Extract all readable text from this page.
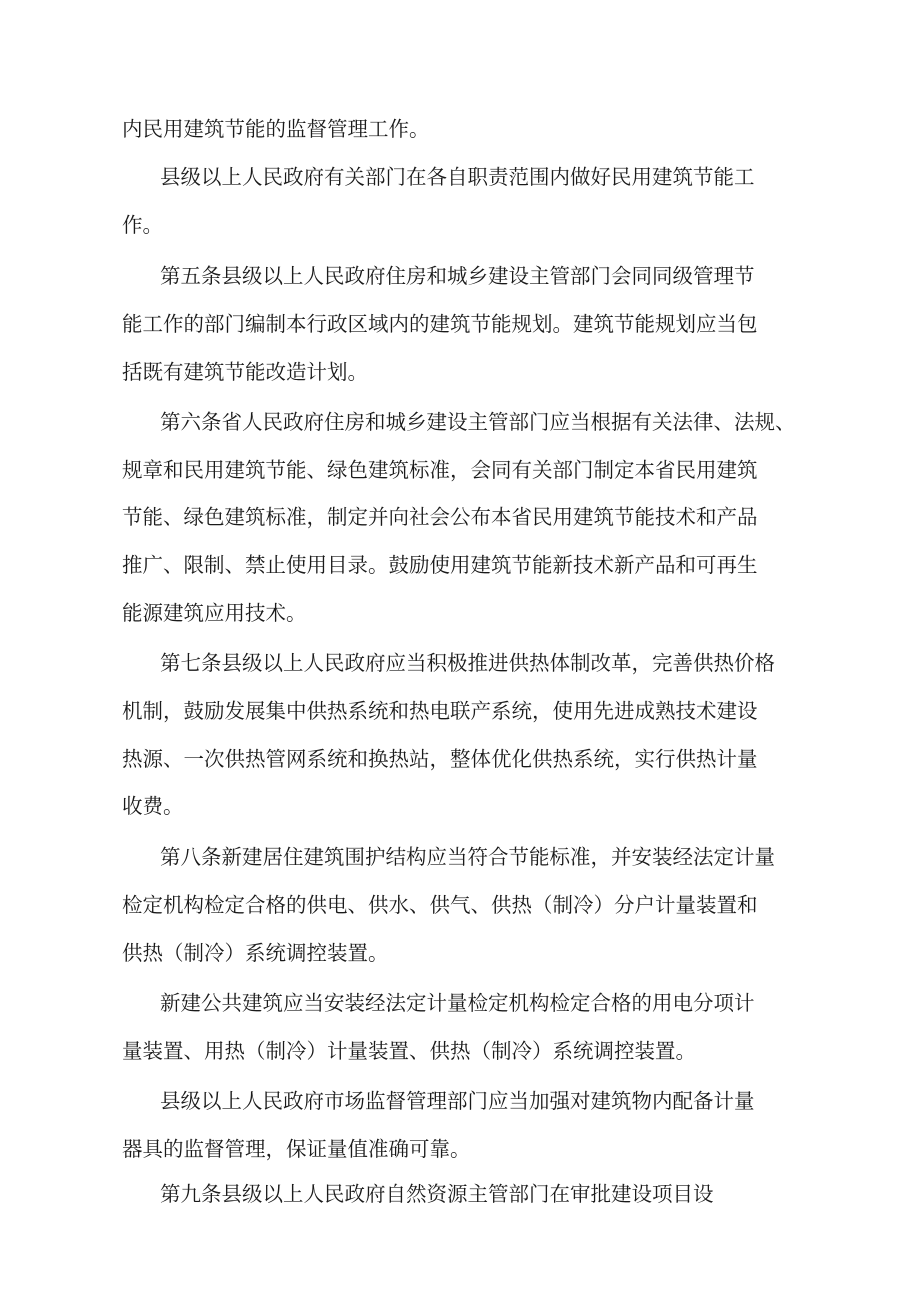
内民用建筑节能的监督管理工作。
县级以上人民政府有关部门在各自职责范围内做好民用建筑节能工
作。
第五条县级以上人民政府住房和城乡建设主管部门会同同级管理节
能工作的部门编制本行政区域内的建筑节能规划。建筑节能规划应当包
括既有建筑节能改造计划。
第六条省人民政府住房和城乡建设主管部门应当根据有关法律、法规、
规章和民用建筑节能、绿色建筑标准，会同有关部门制定本省民用建筑
节能、绿色建筑标准，制定并向社会公布本省民用建筑节能技术和产品
推广、限制、禁止使用目录。鼓励使用建筑节能新技术新产品和可再生
能源建筑应用技术。
第七条县级以上人民政府应当积极推进供热体制改革，完善供热价格
机制，鼓励发展集中供热系统和热电联产系统，使用先进成熟技术建设
热源、一次供热管网系统和换热站，整体优化供热系统，实行供热计量
收费。
第八条新建居住建筑围护结构应当符合节能标准，并安装经法定计量
检定机构检定合格的供电、供水、供气、供热（制冷）分户计量装置和
供热（制冷）系统调控装置。
新建公共建筑应当安装经法定计量检定机构检定合格的用电分项计
量装置、用热（制冷）计量装置、供热（制冷）系统调控装置。
县级以上人民政府市场监督管理部门应当加强对建筑物内配备计量
器具的监督管理，保证量值准确可靠。
第九条县级以上人民政府自然资源主管部门在审批建设项目设
